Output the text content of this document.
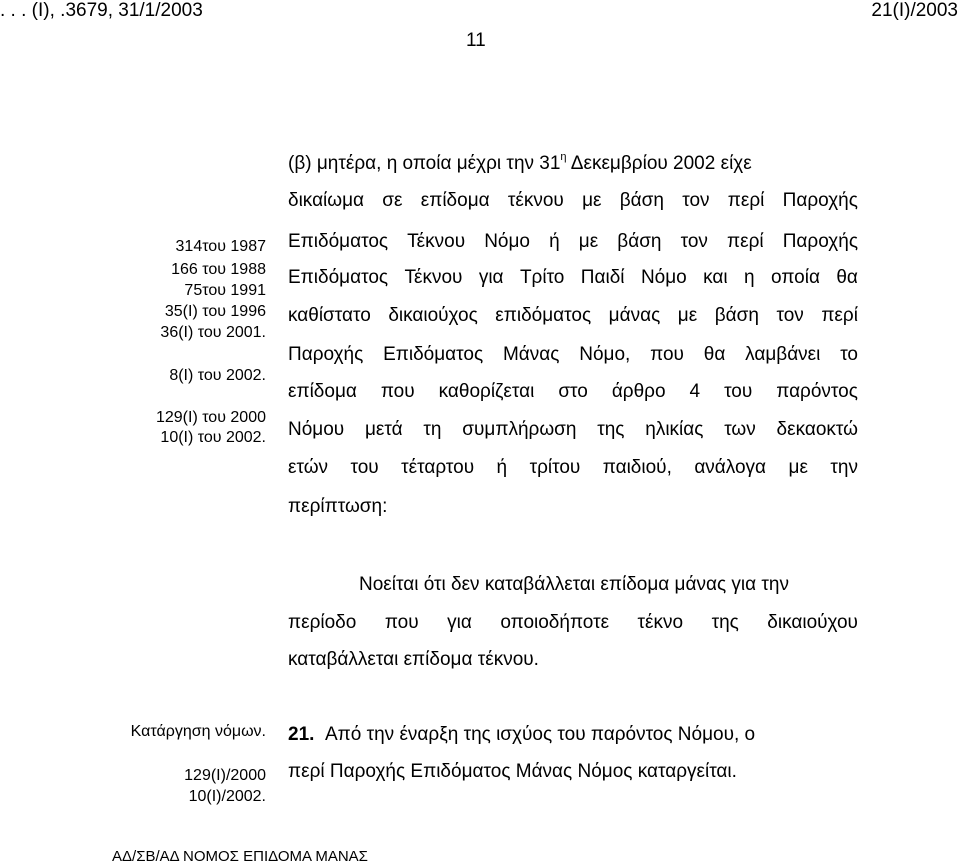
. . . (I), .3679, 31/1/2003	21(I)/2003
11
(β) μητέρα, η οποία μέχρι την $31^\eta$ Δεκεμβρίου 2002 είχε
δικαίωμα σε επίδομα τέκνου με βάση τον περί Παροχής
Επιδόματος Τέκνου Νόμο ή με βάση τον περί Παροχής
Επιδόματος Τέκνου για Τρίτο Παιδί Νόμο και η οποία θα
καθίστατο δικαιούχος επιδόματος μάνας με βάση τον περί
Παροχής Επιδόματος Μάνας Νόμο, που θα λαμβάνει το
επίδομα που καθορίζεται στο άρθρο 4 του παρόντος
Νόμου μετά τη συμπλήρωση της ηλικίας των δεκαοκτώ
ετών του τέταρτου ή τρίτου παιδιού, ανάλογα με την
περίπτωση:
Νοείται ότι δεν καταβάλλεται επίδομα μάνας για την
περίοδο που για οποιοδήποτε τέκνο της δικαιούχου
καταβάλλεται επίδομα τέκνου.
21. Από την έναρξη της ισχύος του παρόντος Νόμου, ο
περί Παροχής Επιδόματος Μάνας Νόμος καταργείται.
314του 1987
166 του 1988
75του 1991
35(Ι) του 1996
36(Ι) του 2001.
8(Ι) του 2002.
129(Ι) του 2000
10(Ι) του 2002.
Κατάργηση νόμων.
129(I)/2000
10(I)/2002.
ΑΔ/ΣΒ/ΑΔ ΝΟΜΟΣ ΕΠΙΔΟΜΑ ΜΑΝΑΣ
